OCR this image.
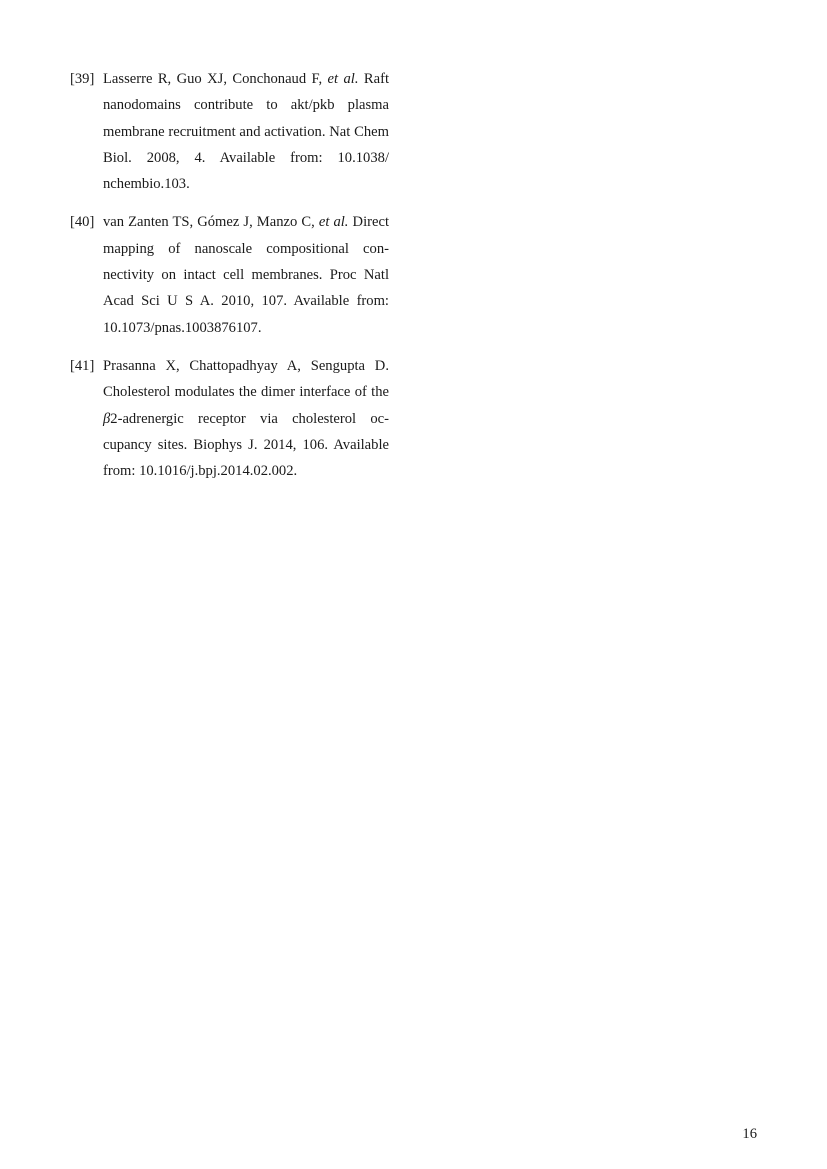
[39] Lasserre R, Guo XJ, Conchonaud F, et al. Raft nanodomains contribute to akt/pkb plasma membrane recruitment and activation. Nat Chem Biol. 2008, 4. Available from: 10.1038/ nchembio.103.
[40] van Zanten TS, Gómez J, Manzo C, et al. Direct mapping of nanoscale compositional connectivity on intact cell membranes. Proc Natl Acad Sci U S A. 2010, 107. Available from: 10.1073/pnas.1003876107.
[41] Prasanna X, Chattopadhyay A, Sengupta D. Cholesterol modulates the dimer interface of the β2-adrenergic receptor via cholesterol occupancy sites. Biophys J. 2014, 106. Available from: 10.1016/j.bpj.2014.02.002.
16
